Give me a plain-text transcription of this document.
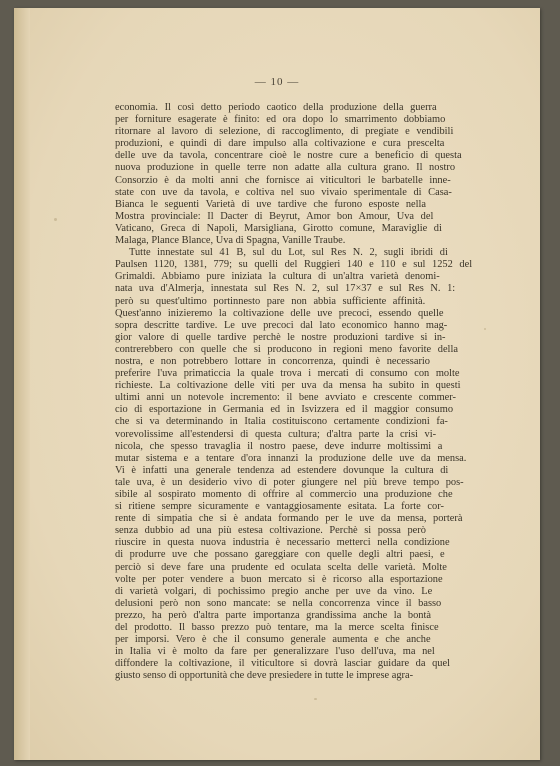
— 10 —
economia. Il così detto periodo caotico della produzione della guerra
per forniture esagerate è finito: ed ora dopo lo smarrimento dobbiamo
ritornare al lavoro di selezione, di raccoglimento, di pregiate e vendibili
produzioni, e quindi di dare impulso alla coltivazione e cura prescelta
delle uve da tavola, concentrare cioè le nostre cure a beneficio di questa
nuova produzione in quelle terre non adatte alla cultura grano. Il nostro
Consorzio è da molti anni che fornisce ai viticultori le barbatelle inne-
state con uve da tavola, e coltiva nel suo vivaio sperimentale di Casa-
Bianca le seguenti Varietà di uve tardive che furono esposte nella
Mostra provinciale: Il Dacter di Beyrut, Amor bon Amour, Uva del
Vaticano, Greca di Napoli, Marsigliana, Girotto comune, Maraviglie di
Malaga, Plance Blance, Uva di Spagna, Vanille Traube.
Tutte innestate sul 41 B, sul du Lot, sul Res N. 2, sugli ibridi di
Paulsen 1120, 1381, 779; su quelli del Ruggieri 140 e 110 e sul 1252 del
Grimaldi. Abbiamo pure iniziata la cultura di un'altra varietà denomi-
nata uva d'Almerja, innestata sul Res N. 2, sul 17×37 e sul Res N. 1:
però su quest'ultimo portinnesto pare non abbia sufficiente affinità.
Quest'anno inizieremo la coltivazione delle uve precoci, essendo quelle
sopra descritte tardive. Le uve precoci dal lato economico hanno mag-
gior valore di quelle tardive perchè le nostre produzioni tardive si in-
contrerebbero con quelle che si producono in regioni meno favorite della
nostra, e non potrebbero lottare in concorrenza, quindi è necessario
preferire l'uva primaticcia la quale trova i mercati di consumo con molte
richieste. La coltivazione delle viti per uva da mensa ha subito in questi
ultimi anni un notevole incremento: il bene avviato e crescente commer-
cio di esportazione in Germania ed in Isvizzera ed il maggior consumo
che si va determinando in Italia costituiscono certamente condizioni fa-
vorevolissime all'estendersi di questa cultura; d'altra parte la crisi vi-
nicola, che spesso travaglia il nostro paese, deve indurre moltissimi a
mutar sistema e a tentare d'ora innanzi la produzione delle uve da mensa.
Vi è infatti una generale tendenza ad estendere dovunque la cultura di
tale uva, è un desiderio vivo di poter giungere nel più breve tempo pos-
sibile al sospirato momento di offrire al commercio una produzione che
si ritiene sempre sicuramente e vantaggiosamente esitata. La forte cor-
rente di simpatia che si è andata formando per le uve da mensa, porterà
senza dubbio ad una più estesa coltivazione. Perchè si possa però
riuscire in questa nuova industria è necessario metterci nella condizione
di produrre uve che possano gareggiare con quelle degli altri paesi, e
perciò si deve fare una prudente ed oculata scelta delle varietà. Molte
volte per poter vendere a buon mercato si è ricorso alla esportazione
di varietà volgari, di pochissimo pregio anche per uve da vino. Le
delusioni però non sono mancate: se nella concorrenza vince il basso
prezzo, ha però d'altra parte importanza grandissima anche la bontà
del prodotto. Il basso prezzo può tentare, ma la merce scelta finisce
per imporsi. Vero è che il consumo generale aumenta e che anche
in Italia vi è molto da fare per generalizzare l'uso dell'uva, ma nel
diffondere la coltivazione, il viticultore si dovrà lasciar guidare da quel
giusto senso di opportunità che deve presiedere in tutte le imprese agra-
